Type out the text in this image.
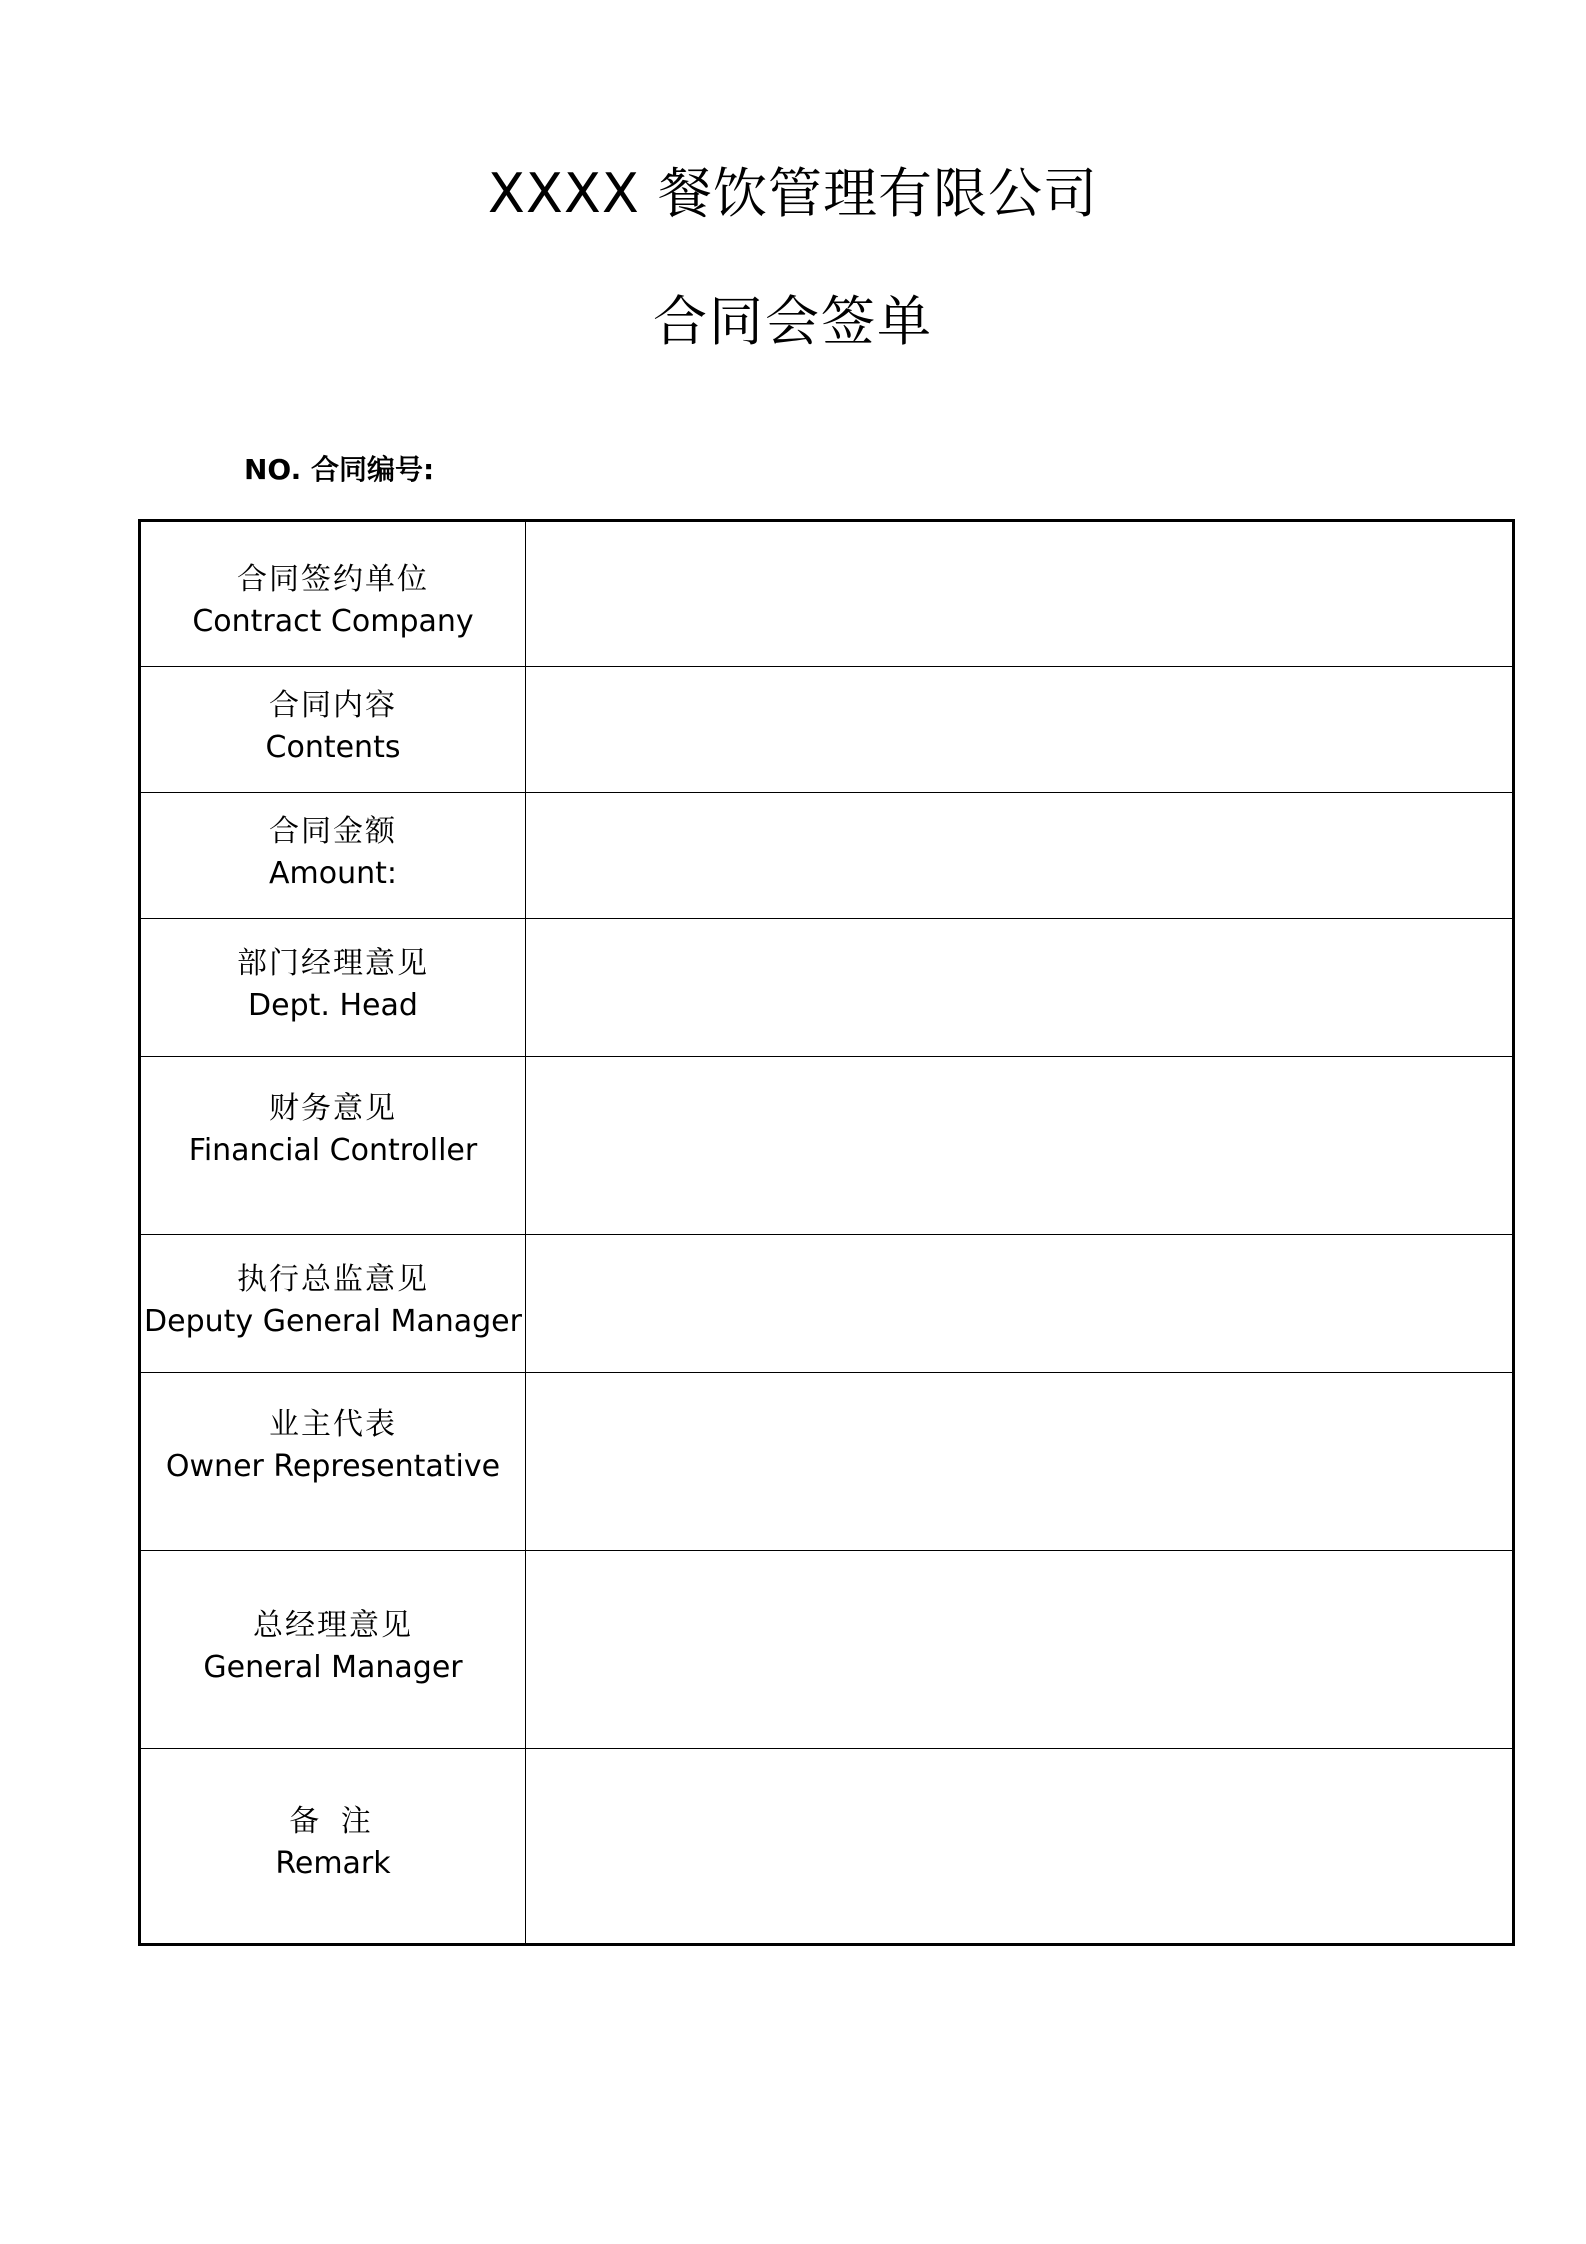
XXXX 餐饮管理有限公司
合同会签单
NO. 合同编号:
合同签约单位
Contract Company	

合同内容
Contents	

合同金额
Amount:	

部门经理意见
Dept. Head	

财务意见
Financial Controller	

执行总监意见
Deputy General Manager	

业主代表
Owner Representative	

总经理意见
General Manager	

备 注
Remark	
